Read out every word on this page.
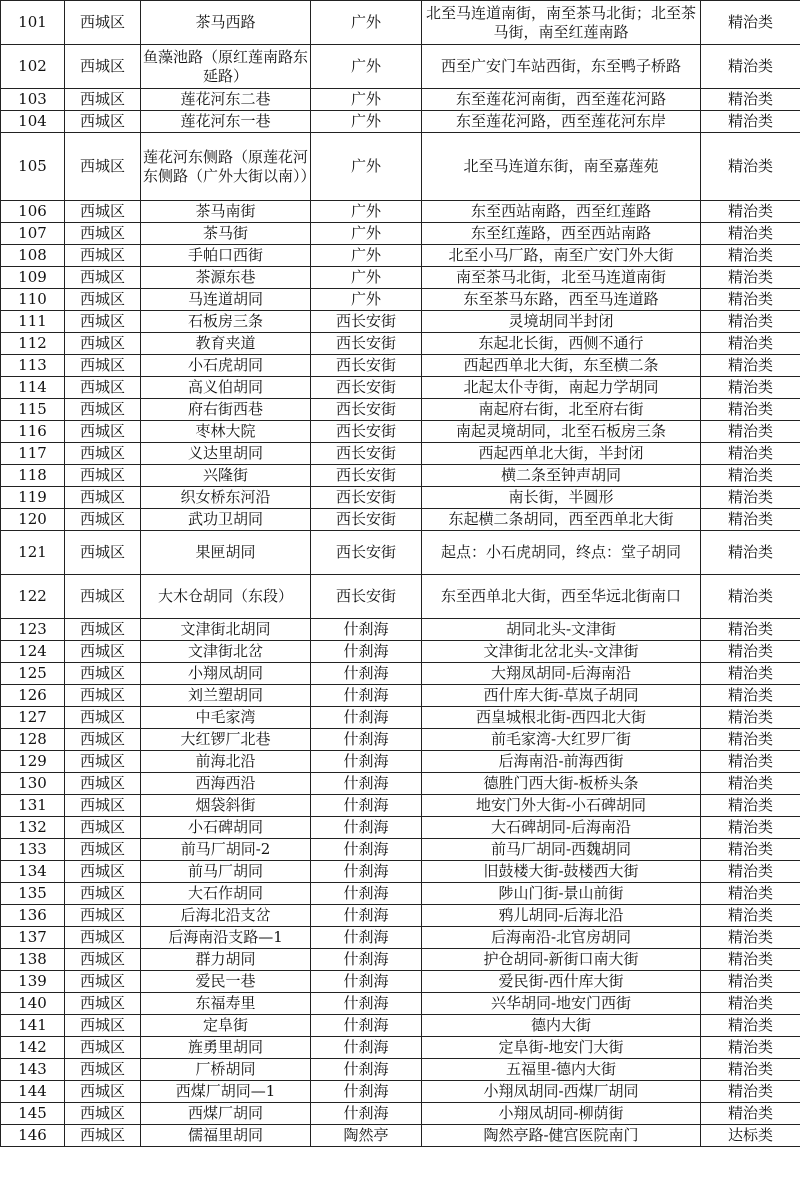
101	西城区	茶马西路	广外	北至马连道南街，南至茶马北街；北至茶马街，南至红莲南路	精治类
102	西城区	鱼藻池路（原红莲南路东延路）	广外	西至广安门车站西街，东至鸭子桥路	精治类
103	西城区	莲花河东二巷	广外	东至莲花河南街，西至莲花河路	精治类
104	西城区	莲花河东一巷	广外	东至莲花河路，西至莲花河东岸	精治类
105	西城区	莲花河东侧路（原莲花河东侧路（广外大街以南））	广外	北至马连道东街，南至嘉莲苑	精治类
106	西城区	茶马南街	广外	东至西站南路，西至红莲路	精治类
107	西城区	茶马街	广外	东至红莲路，西至西站南路	精治类
108	西城区	手帕口西街	广外	北至小马厂路，南至广安门外大街	精治类
109	西城区	茶源东巷	广外	南至茶马北街，北至马连道南街	精治类
110	西城区	马连道胡同	广外	东至茶马东路，西至马连道路	精治类
111	西城区	石板房三条	西长安街	灵境胡同半封闭	精治类
112	西城区	教育夹道	西长安街	东起北长街，西侧不通行	精治类
113	西城区	小石虎胡同	西长安街	西起西单北大街，东至横二条	精治类
114	西城区	高义伯胡同	西长安街	北起太仆寺街，南起力学胡同	精治类
115	西城区	府右街西巷	西长安街	南起府右街，北至府右街	精治类
116	西城区	枣林大院	西长安街	南起灵境胡同，北至石板房三条	精治类
117	西城区	义达里胡同	西长安街	西起西单北大街，半封闭	精治类
118	西城区	兴隆街	西长安街	横二条至钟声胡同	精治类
119	西城区	织女桥东河沿	西长安街	南长街，半圆形	精治类
120	西城区	武功卫胡同	西长安街	东起横二条胡同，西至西单北大街	精治类
121	西城区	果匣胡同	西长安街	起点：小石虎胡同，终点：堂子胡同	精治类
122	西城区	大木仓胡同（东段）	西长安街	东至西单北大街，西至华远北街南口	精治类
123	西城区	文津街北胡同	什刹海	胡同北头-文津街	精治类
124	西城区	文津街北岔	什刹海	文津街北岔北头-文津街	精治类
125	西城区	小翔凤胡同	什刹海	大翔凤胡同-后海南沿	精治类
126	西城区	刘兰塑胡同	什刹海	西什库大街-草岚子胡同	精治类
127	西城区	中毛家湾	什刹海	西皇城根北街-西四北大街	精治类
128	西城区	大红锣厂北巷	什刹海	前毛家湾-大红罗厂街	精治类
129	西城区	前海北沿	什刹海	后海南沿-前海西街	精治类
130	西城区	西海西沿	什刹海	德胜门西大街-板桥头条	精治类
131	西城区	烟袋斜街	什刹海	地安门外大街-小石碑胡同	精治类
132	西城区	小石碑胡同	什刹海	大石碑胡同-后海南沿	精治类
133	西城区	前马厂胡同-2	什刹海	前马厂胡同-西魏胡同	精治类
134	西城区	前马厂胡同	什刹海	旧鼓楼大街-鼓楼西大街	精治类
135	西城区	大石作胡同	什刹海	陟山门街-景山前街	精治类
136	西城区	后海北沿支岔	什刹海	鸦儿胡同-后海北沿	精治类
137	西城区	后海南沿支路—1	什刹海	后海南沿-北官房胡同	精治类
138	西城区	群力胡同	什刹海	护仓胡同-新街口南大街	精治类
139	西城区	爱民一巷	什刹海	爱民街-西什库大街	精治类
140	西城区	东福寿里	什刹海	兴华胡同-地安门西街	精治类
141	西城区	定阜街	什刹海	德内大街	精治类
142	西城区	旌勇里胡同	什刹海	定阜街-地安门大街	精治类
143	西城区	厂桥胡同	什刹海	五福里-德内大街	精治类
144	西城区	西煤厂胡同—1	什刹海	小翔凤胡同-西煤厂胡同	精治类
145	西城区	西煤厂胡同	什刹海	小翔凤胡同-柳荫街	精治类
146	西城区	儒福里胡同	陶然亭	陶然亭路-健宫医院南门	达标类
